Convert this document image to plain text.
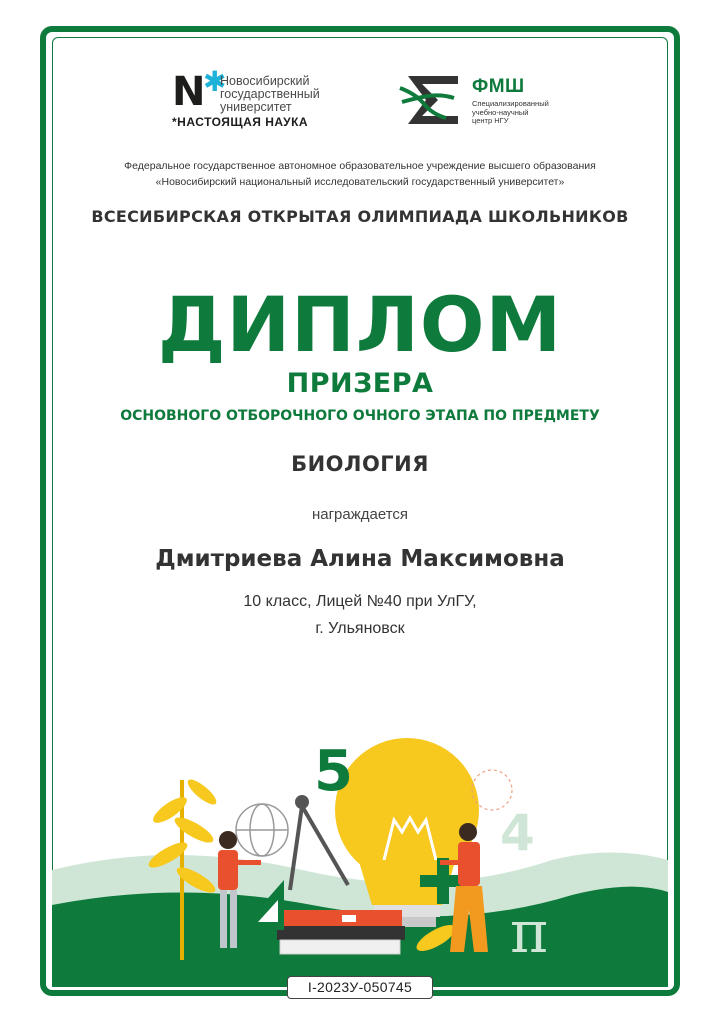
N
✱
Новосибирский
государственный
университет
*НАСТОЯЩАЯ НАУКА
ФМШ
Специализированный
учебно-научный
центр НГУ
Федеральное государственное автономное образовательное учреждение высшего образования
«Новосибирский национальный исследовательский государственный университет»
ВСЕСИБИРСКАЯ ОТКРЫТАЯ ОЛИМПИАДА ШКОЛЬНИКОВ
ДИПЛОМ
ПРИЗЕРА
ОСНОВНОГО ОТБОРОЧНОГО ОЧНОГО ЭТАПА ПО ПРЕДМЕТУ
БИОЛОГИЯ
награждается
Дмитриева Алина Максимовна
10 класс, Лицей №40 при УлГУ,
г. Ульяновск
5
4
π
I-2023У-050745
